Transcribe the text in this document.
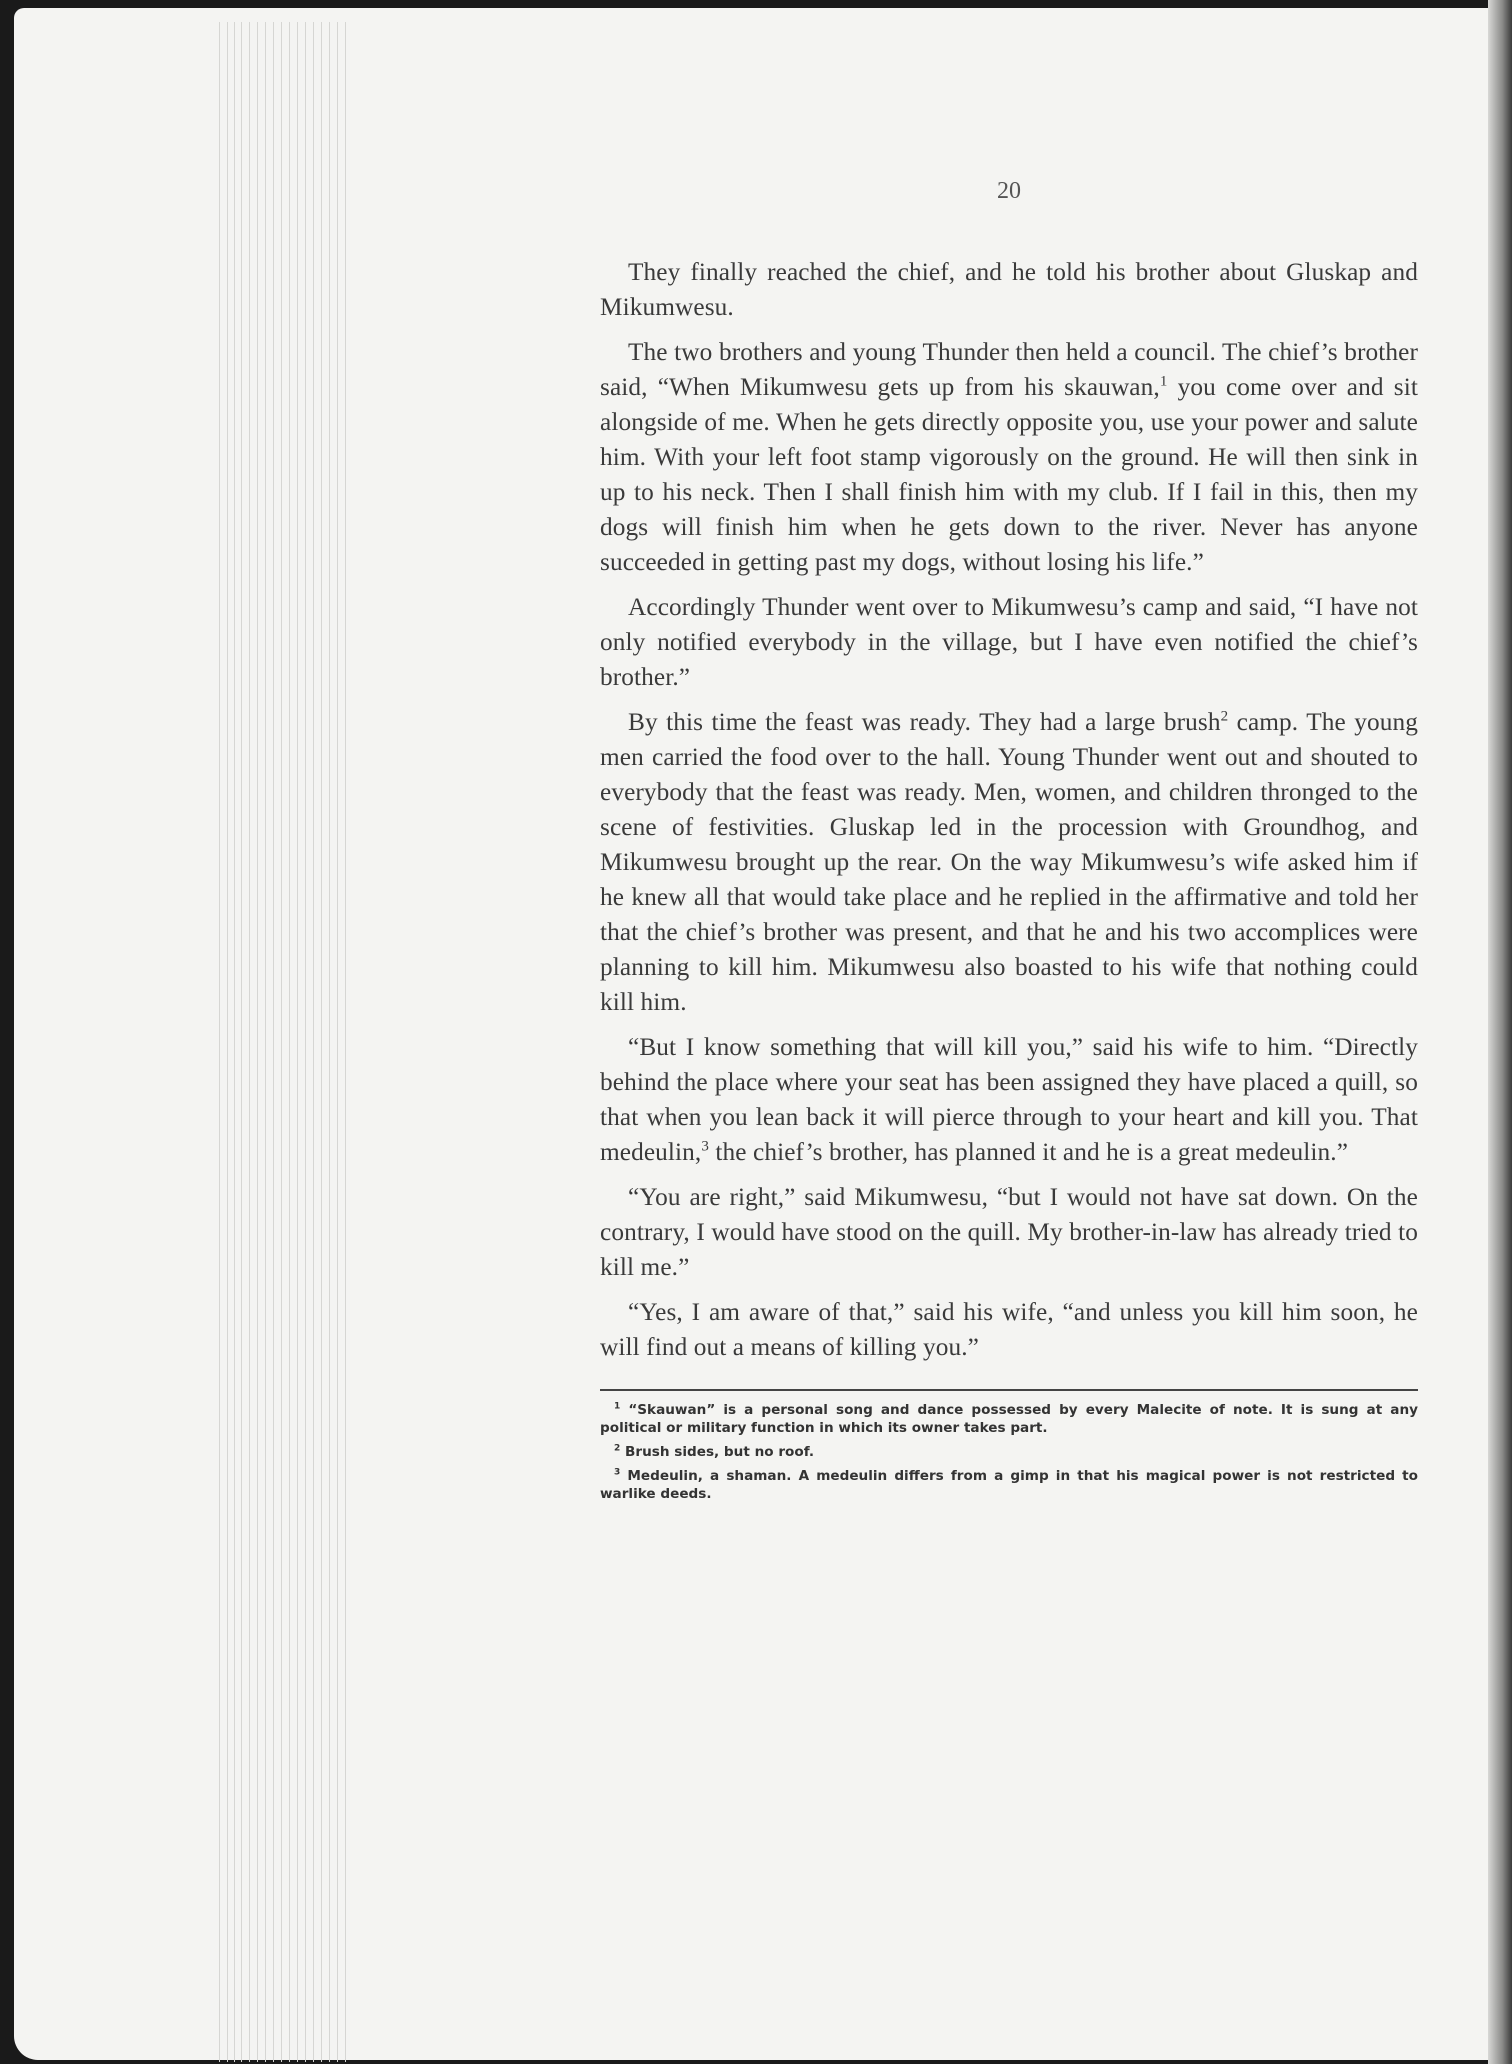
20

They finally reached the chief, and he told his brother about Gluskap and Mikumwesu.

The two brothers and young Thunder then held a council. The chief’s brother said, “When Mikumwesu gets up from his skauwan,$^1$ you come over and sit alongside of me. When he gets directly opposite you, use your power and salute him. With your left foot stamp vigorously on the ground. He will then sink in up to his neck. Then I shall finish him with my club. If I fail in this, then my dogs will finish him when he gets down to the river. Never has anyone succeeded in getting past my dogs, without losing his life.”

Accordingly Thunder went over to Mikumwesu’s camp and said, “I have not only notified everybody in the village, but I have even notified the chief’s brother.”

By this time the feast was ready. They had a large brush$^2$ camp. The young men carried the food over to the hall. Young Thunder went out and shouted to everybody that the feast was ready. Men, women, and children thronged to the scene of festivities. Gluskap led in the procession with Groundhog, and Mikumwesu brought up the rear. On the way Mikumwesu’s wife asked him if he knew all that would take place and he replied in the affirmative and told her that the chief’s brother was present, and that he and his two accomplices were planning to kill him. Mikumwesu also boasted to his wife that nothing could kill him.

“But I know something that will kill you,” said his wife to him. “Directly behind the place where your seat has been assigned they have placed a quill, so that when you lean back it will pierce through to your heart and kill you. That medeulin,$^3$ the chief’s brother, has planned it and he is a great medeulin.”

“You are right,” said Mikumwesu, “but I would not have sat down. On the contrary, I would have stood on the quill. My brother-in-law has already tried to kill me.”

“Yes, I am aware of that,” said his wife, “and unless you kill him soon, he will find out a means of killing you.”

$^1$ “Skauwan” is a personal song and dance possessed by every Malecite of note. It is sung at any political or military function in which its owner takes part.

$^2$ Brush sides, but no roof.

$^3$ Medeulin, a shaman. A medeulin differs from a gimp in that his magical power is not restricted to warlike deeds.
